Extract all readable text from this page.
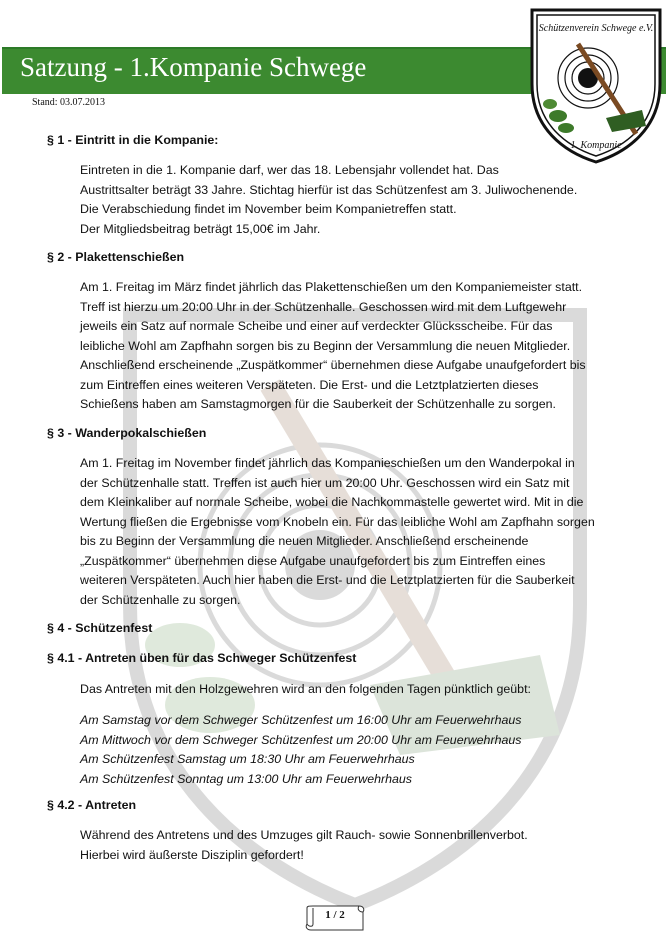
Satzung - 1.Kompanie Schwege
Stand: 03.07.2013
Schützenverein Schwege e.V.
1. Kompanie
§ 1 - Eintritt in die Kompanie:
Eintreten in die 1. Kompanie darf, wer das 18. Lebensjahr vollendet hat. Das
Austrittsalter beträgt 33 Jahre. Stichtag hierfür ist das Schützenfest am 3. Juliwochenende.
Die Verabschiedung findet im November beim Kompanietreffen statt.
Der Mitgliedsbeitrag beträgt 15,00€ im Jahr.
§ 2 - Plakettenschießen
Am 1. Freitag im März findet jährlich das Plakettenschießen um den Kompaniemeister statt.
Treff ist hierzu um 20:00 Uhr in der Schützenhalle. Geschossen wird mit dem Luftgewehr
jeweils ein Satz auf normale Scheibe und einer auf verdeckter Glücksscheibe. Für das
leibliche Wohl am Zapfhahn sorgen bis zu Beginn der Versammlung die neuen Mitglieder.
Anschließend erscheinende „Zuspätkommer“ übernehmen diese Aufgabe unaufgefordert bis
zum Eintreffen eines weiteren Verspäteten. Die Erst- und die Letztplatzierten dieses
Schießens haben am Samstagmorgen für die Sauberkeit der Schützenhalle zu sorgen.
§ 3 - Wanderpokalschießen
Am 1. Freitag im November findet jährlich das Kompanieschießen um den Wanderpokal in
der Schützenhalle statt. Treffen ist auch hier um 20:00 Uhr. Geschossen wird ein Satz mit
dem Kleinkaliber auf normale Scheibe, wobei die Nachkommastelle gewertet wird. Mit in die
Wertung fließen die Ergebnisse vom Knobeln ein. Für das leibliche Wohl am Zapfhahn sorgen
bis zu Beginn der Versammlung die neuen Mitglieder. Anschließend erscheinende
„Zuspätkommer“ übernehmen diese Aufgabe unaufgefordert bis zum Eintreffen eines
weiteren Verspäteten. Auch hier haben die Erst- und die Letztplatzierten für die Sauberkeit
der Schützenhalle zu sorgen.
§ 4 - Schützenfest
§ 4.1 - Antreten üben für das Schweger Schützenfest
Das Antreten mit den Holzgewehren wird an den folgenden Tagen pünktlich geübt:
Am Samstag vor dem Schweger Schützenfest um 16:00 Uhr am Feuerwehrhaus
Am Mittwoch vor dem Schweger Schützenfest um 20:00 Uhr am Feuerwehrhaus
Am Schützenfest Samstag um 18:30 Uhr am Feuerwehrhaus
Am Schützenfest Sonntag um 13:00 Uhr am Feuerwehrhaus
§ 4.2 - Antreten
Während des Antretens und des Umzuges gilt Rauch- sowie Sonnenbrillenverbot.
Hierbei wird äußerste Disziplin gefordert!
1 / 2
